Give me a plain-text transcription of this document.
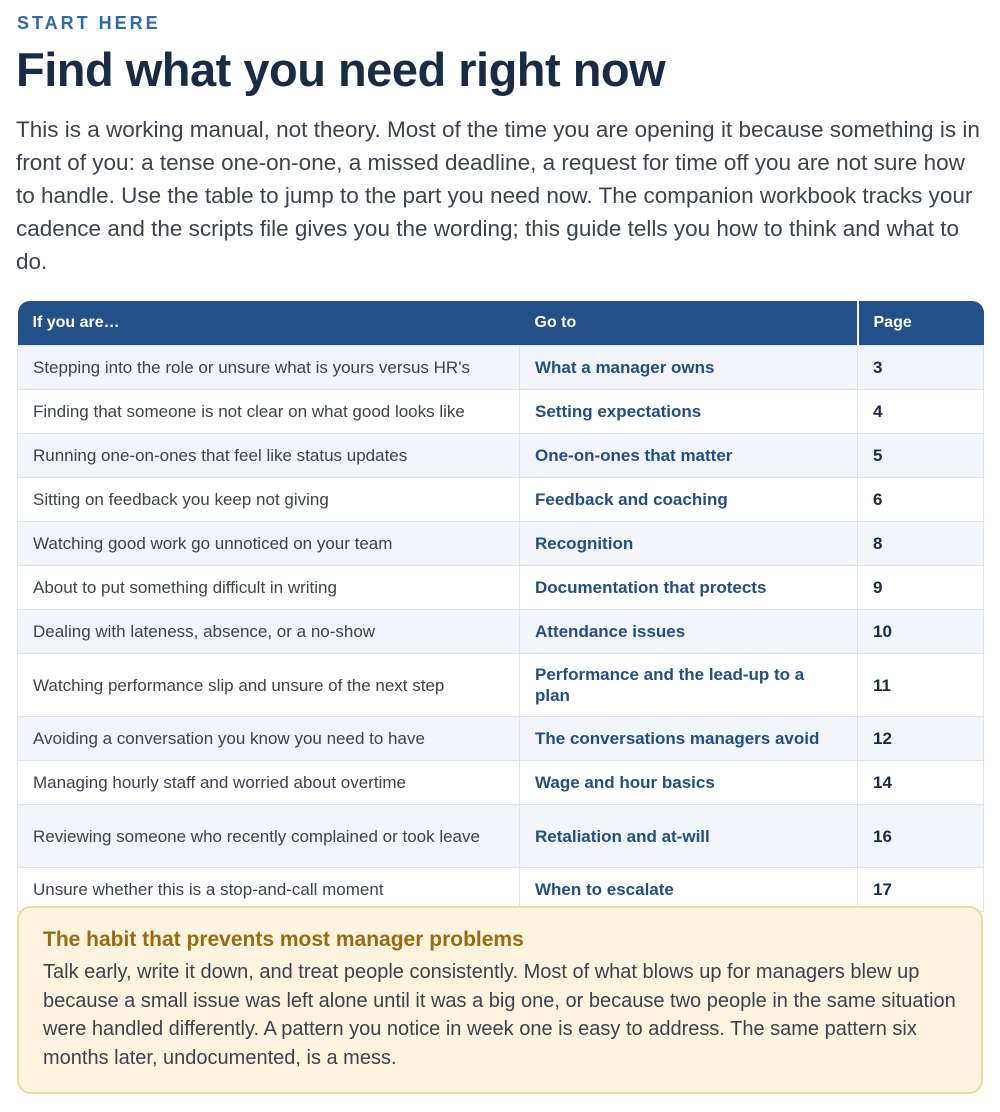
START HERE
Find what you need right now

This is a working manual, not theory. Most of the time you are opening it because something is in front of you: a tense one-on-one, a missed deadline, a request for time off you are not sure how to handle. Use the table to jump to the part you need now. The companion workbook tracks your cadence and the scripts file gives you the wording; this guide tells you how to think and what to do.

If you are…	Go to	Page
Stepping into the role or unsure what is yours versus HR's	What a manager owns	3
Finding that someone is not clear on what good looks like	Setting expectations	4
Running one-on-ones that feel like status updates	One-on-ones that matter	5
Sitting on feedback you keep not giving	Feedback and coaching	6
Watching good work go unnoticed on your team	Recognition	8
About to put something difficult in writing	Documentation that protects	9
Dealing with lateness, absence, or a no-show	Attendance issues	10
Watching performance slip and unsure of the next step	Performance and the lead-up to a plan	11
Avoiding a conversation you know you need to have	The conversations managers avoid	12
Managing hourly staff and worried about overtime	Wage and hour basics	14
Reviewing someone who recently complained or took leave	Retaliation and at-will	16
Unsure whether this is a stop-and-call moment	When to escalate	17
The habit that prevents most manager problems

Talk early, write it down, and treat people consistently. Most of what blows up for managers blew up because a small issue was left alone until it was a big one, or because two people in the same situation were handled differently. A pattern you notice in week one is easy to address. The same pattern six months later, undocumented, is a mess.
